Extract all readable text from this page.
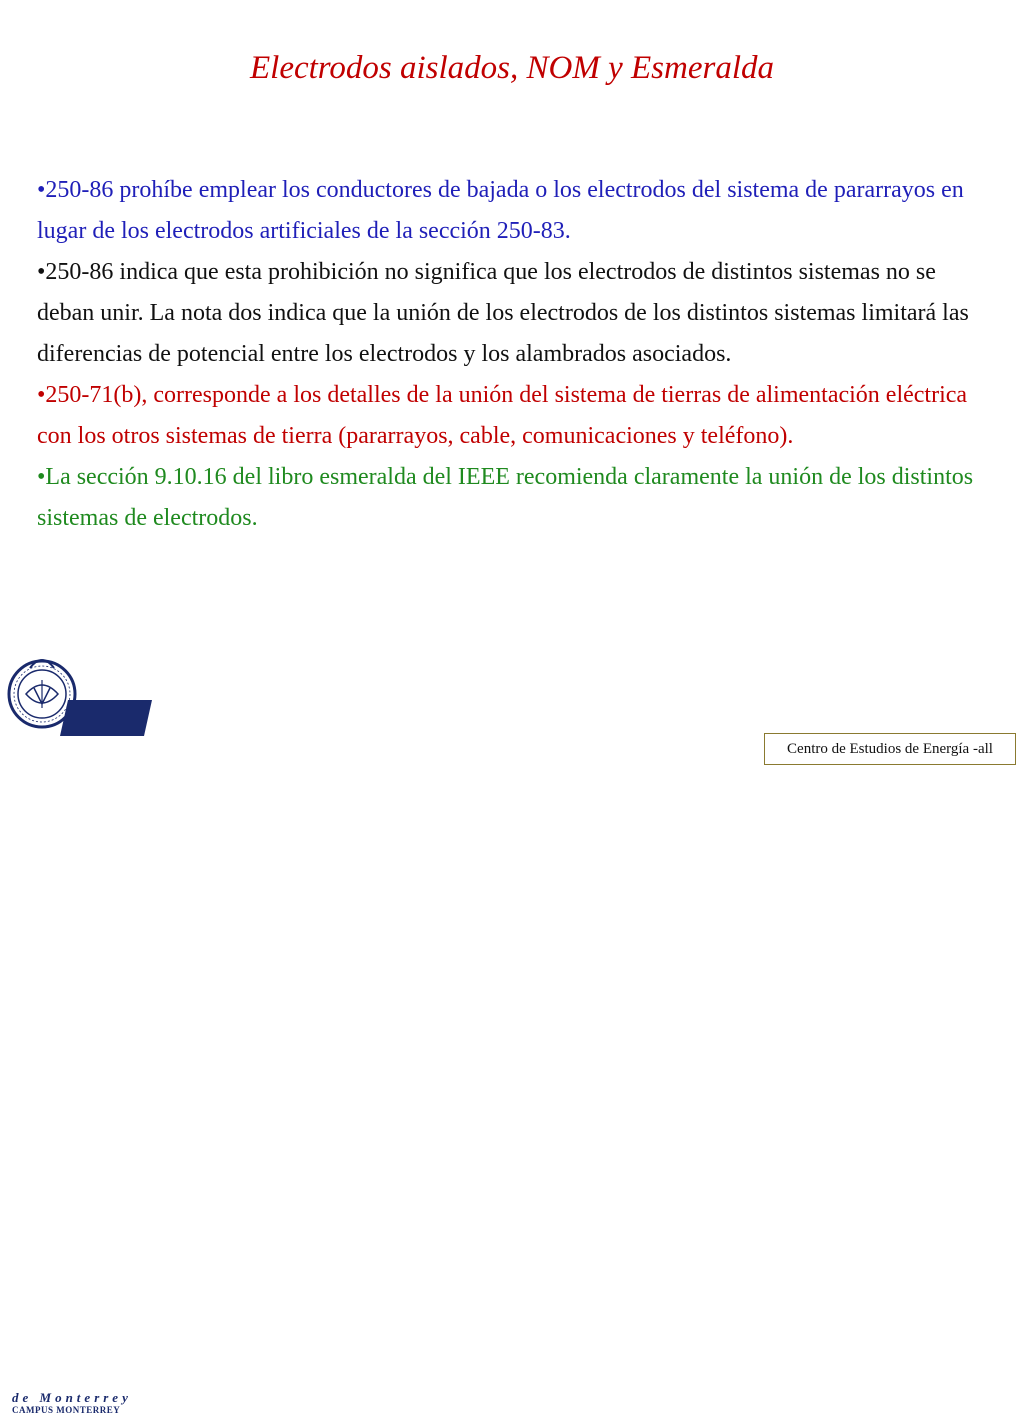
Electrodos aislados, NOM y Esmeralda

•250-86 prohíbe emplear los conductores de bajada o los electrodos del sistema de pararrayos en lugar de los electrodos artificiales de la sección 250-83.

•250-86 indica que esta prohibición no significa que los electrodos de distintos sistemas no se deban unir. La nota dos indica que la unión de los electrodos de los distintos sistemas limitará las diferencias de potencial entre los electrodos y los alambrados asociados.

•250-71(b), corresponde a los detalles de la unión del sistema de tierras de alimentación eléctrica con los otros sistemas de tierra (pararrayos, cable, comunicaciones y teléfono).

•La sección 9.10.16 del libro esmeralda del IEEE recomienda claramente la unión de los distintos sistemas de electrodos.

Tec
de Monterrey
CAMPUS MONTERREY
Centro de Estudios de Energía -all
